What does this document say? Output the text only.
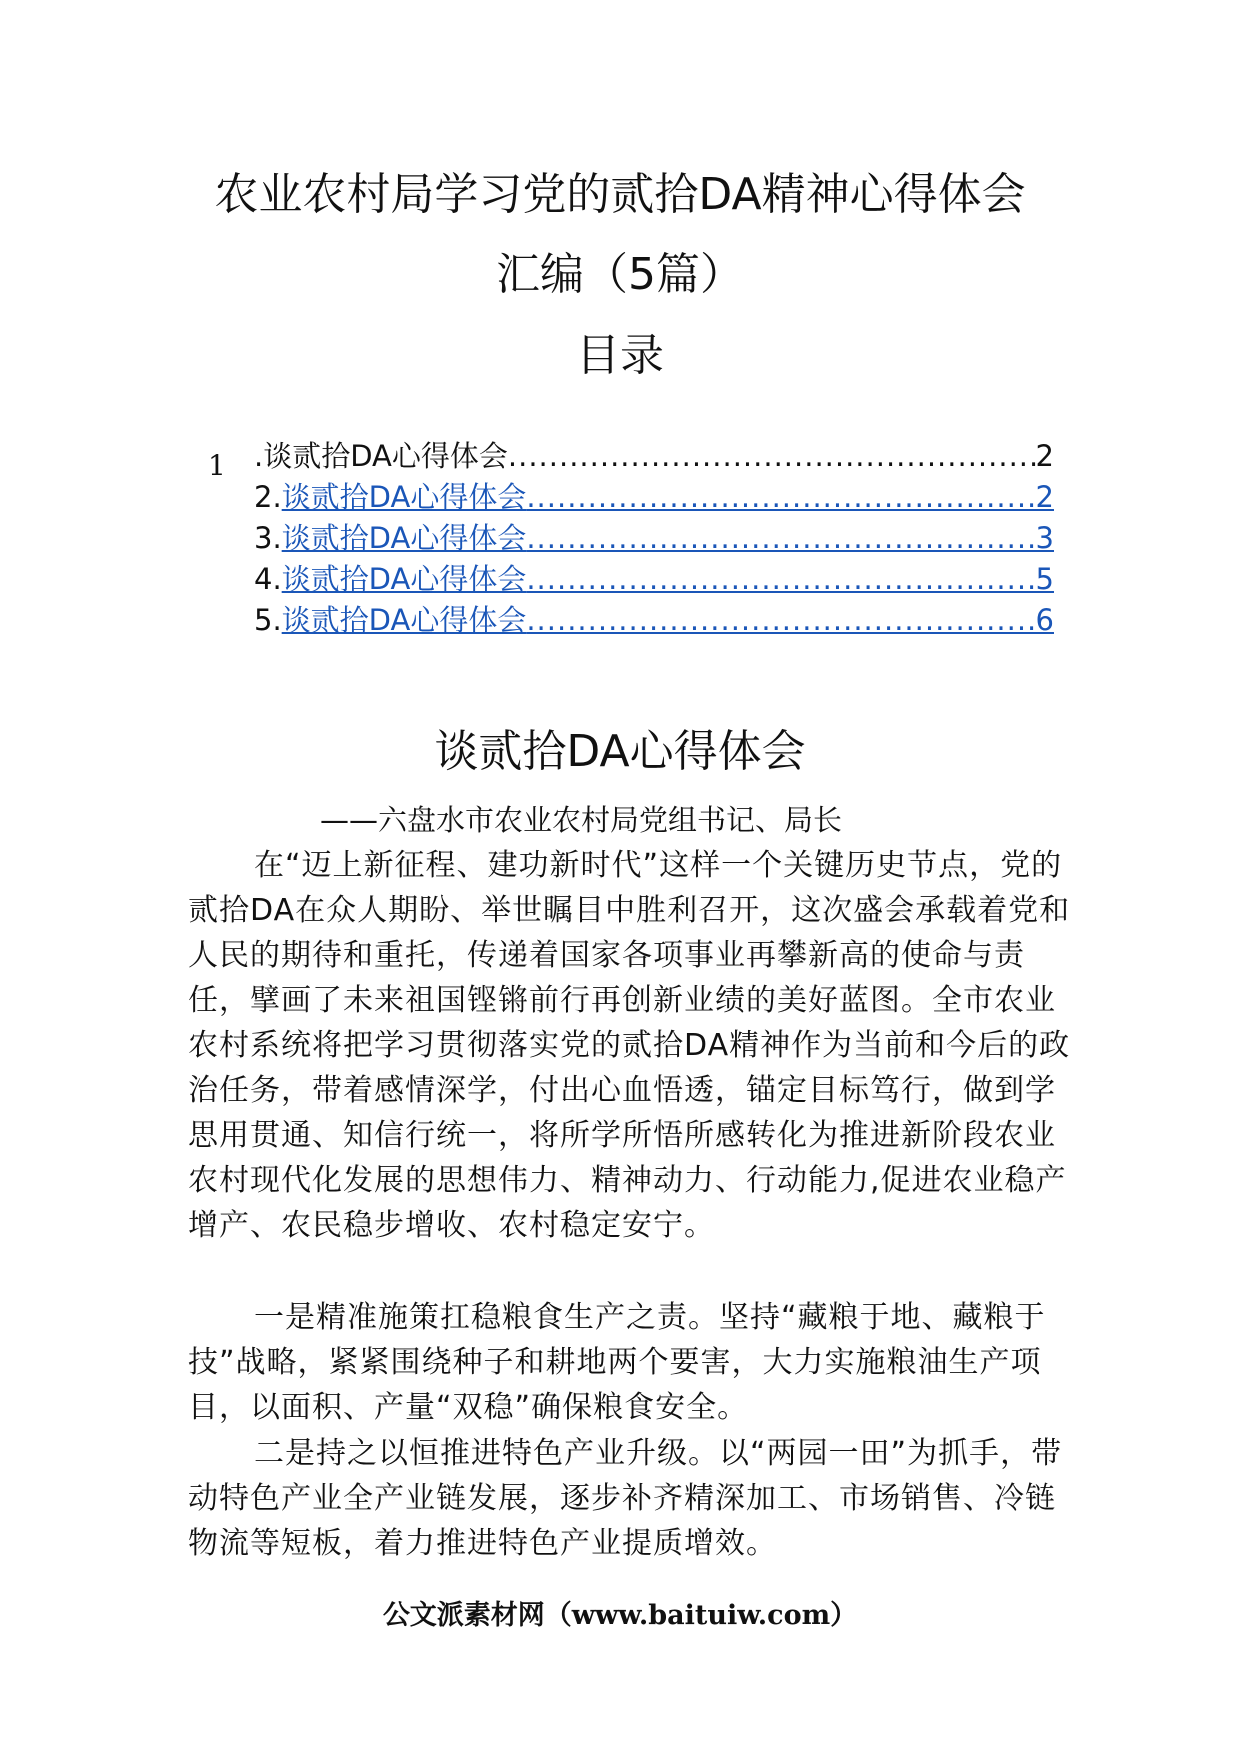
农业农村局学习党的贰拾DA精神心得体会
汇编（5篇）
目录
1 .谈贰拾DA心得体会 .....	2
2. 谈贰拾DA心得体会 .....	2
3. 谈贰拾DA心得体会 .....	3
4. 谈贰拾DA心得体会 .....	5
5. 谈贰拾DA心得体会 .....	6
谈贰拾DA心得体会
——六盘水市农业农村局党组书记、局长

在“迈上新征程、建功新时代”这样一个关键历史节点，党的贰拾DA在众人期盼、举世瞩目中胜利召开，这次盛会承载着党和人民的期待和重托，传递着国家各项事业再攀新高的使命与责任，擘画了未来祖国铿锵前行再创新业绩的美好蓝图。全市农业农村系统将把学习贯彻落实党的贰拾DA精神作为当前和今后的政治任务，带着感情深学，付出心血悟透，锚定目标笃行，做到学思用贯通、知信行统一，将所学所悟所感转化为推进新阶段农业农村现代化发展的思想伟力、精神动力、行动能力,促进农业稳产增产、农民稳步增收、农村稳定安宁。

一是精准施策扛稳粮食生产之责。坚持“藏粮于地、藏粮于技”战略，紧紧围绕种子和耕地两个要害，大力实施粮油生产项目，以面积、产量“双稳”确保粮食安全。

二是持之以恒推进特色产业升级。以“两园一田”为抓手，带动特色产业全产业链发展，逐步补齐精深加工、市场销售、冷链物流等短板，着力推进特色产业提质增效。

公文派素材网（www.baituiw.com）
